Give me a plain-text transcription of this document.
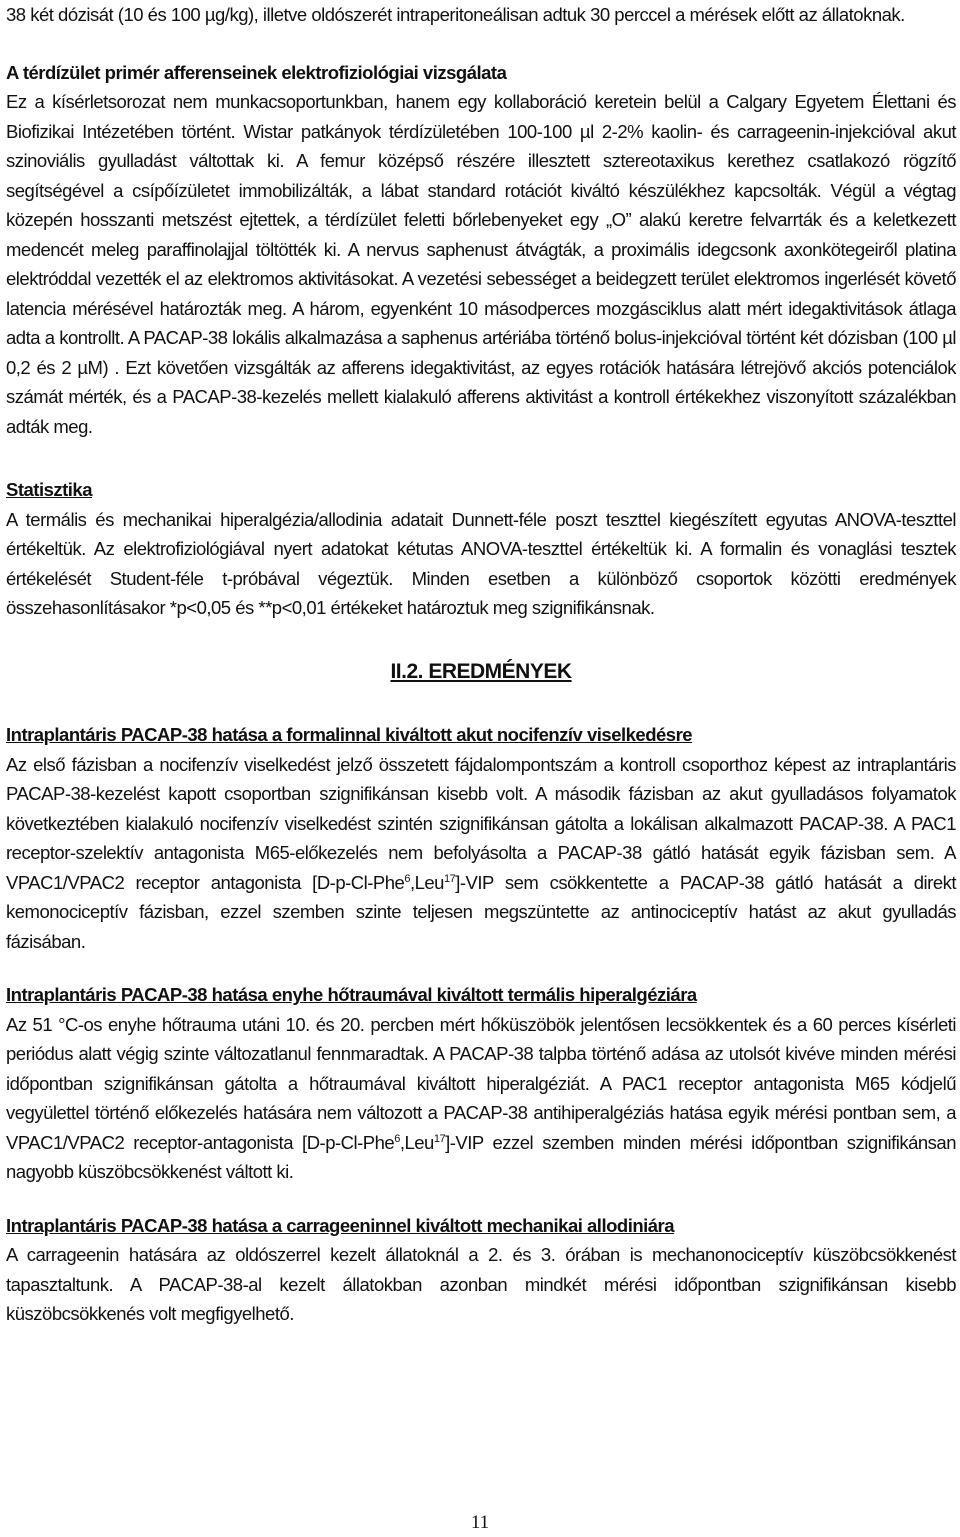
38 két dózisát (10 és 100 µg/kg), illetve oldószerét intraperitoneálisan adtuk 30 perccel a mérések előtt az állatoknak.

A térdízület primér afferenseinek elektrofiziológiai vizsgálata

Ez a kísérletsorozat nem munkacsoportunkban, hanem egy kollaboráció keretein belül a Calgary Egyetem Élettani és Biofizikai Intézetében történt. Wistar patkányok térdízületében 100-100 µl 2-2% kaolin- és carrageenin-injekcióval akut szinoviális gyulladást váltottak ki. A femur középső részére illesztett sztereotaxikus kerethez csatlakozó rögzítő segítségével a csípőízületet immobilizálták, a lábat standard rotációt kiváltó készülékhez kapcsolták. Végül a végtag közepén hosszanti metszést ejtettek, a térdízület feletti bőrlebenyeket egy „O” alakú keretre felvarrták és a keletkezett medencét meleg paraffinolajjal töltötték ki. A nervus saphenust átvágták, a proximális idegcsonk axonkötegeiről platina elektróddal vezették el az elektromos aktivitásokat. A vezetési sebességet a beidegzett terület elektromos ingerlését követő latencia mérésével határozták meg. A három, egyenként 10 másodperces mozgásciklus alatt mért idegaktivitások átlaga adta a kontrollt. A PACAP-38 lokális alkalmazása a saphenus artériába történő bolus-injekcióval történt két dózisban (100 µl 0,2 és 2 µM) . Ezt követően vizsgálták az afferens idegaktivitást, az egyes rotációk hatására létrejövő akciós potenciálok számát mérték, és a PACAP-38-kezelés mellett kialakuló afferens aktivitást a kontroll értékekhez viszonyított százalékban adták meg.

Statisztika

A termális és mechanikai hiperalgézia/allodinia adatait Dunnett-féle poszt teszttel kiegészített egyutas ANOVA-teszttel értékeltük. Az elektrofiziológiával nyert adatokat kétutas ANOVA-teszttel értékeltük ki. A formalin és vonaglási tesztek értékelését Student-féle t-próbával végeztük. Minden esetben a különböző csoportok közötti eredmények összehasonlításakor *p<0,05 és **p<0,01 értékeket határoztuk meg szignifikánsnak.

II.2. EREDMÉNYEK

Intraplantáris PACAP-38 hatása a formalinnal kiváltott akut nocifenzív viselkedésre

Az első fázisban a nocifenzív viselkedést jelző összetett fájdalompontszám a kontroll csoporthoz képest az intraplantáris PACAP-38-kezelést kapott csoportban szignifikánsan kisebb volt. A második fázisban az akut gyulladásos folyamatok következtében kialakuló nocifenzív viselkedést szintén szignifikánsan gátolta a lokálisan alkalmazott PACAP-38. A PAC1 receptor-szelektív antagonista M65-előkezelés nem befolyásolta a PACAP-38 gátló hatását egyik fázisban sem. A VPAC1/VPAC2 receptor antagonista [D-p-Cl-Phe$^6$,Leu$^{17}$]-VIP sem csökkentette a PACAP-38 gátló hatását a direkt kemonociceptív fázisban, ezzel szemben szinte teljesen megszüntette az antinociceptív hatást az akut gyulladás fázisában.

Intraplantáris PACAP-38 hatása enyhe hőtraumával kiváltott termális hiperalgéziára

Az 51 °C-os enyhe hőtrauma utáni 10. és 20. percben mért hőküszöbök jelentősen lecsökkentek és a 60 perces kísérleti periódus alatt végig szinte változatlanul fennmaradtak. A PACAP-38 talpba történő adása az utolsót kivéve minden mérési időpontban szignifikánsan gátolta a hőtraumával kiváltott hiperalgéziát. A PAC1 receptor antagonista M65 kódjelű vegyülettel történő előkezelés hatására nem változott a PACAP-38 antihiperalgéziás hatása egyik mérési pontban sem, a VPAC1/VPAC2 receptor-antagonista [D-p-Cl-Phe$^6$,Leu$^{17}$]-VIP ezzel szemben minden mérési időpontban szignifikánsan nagyobb küszöbcsökkenést váltott ki.

Intraplantáris PACAP-38 hatása a carrageeninnel kiváltott mechanikai allodiniára

A carrageenin hatására az oldószerrel kezelt állatoknál a 2. és 3. órában is mechanonociceptív küszöbcsökkenést tapasztaltunk. A PACAP-38-al kezelt állatokban azonban mindkét mérési időpontban szignifikánsan kisebb küszöbcsökkenés volt megfigyelhető.

11
